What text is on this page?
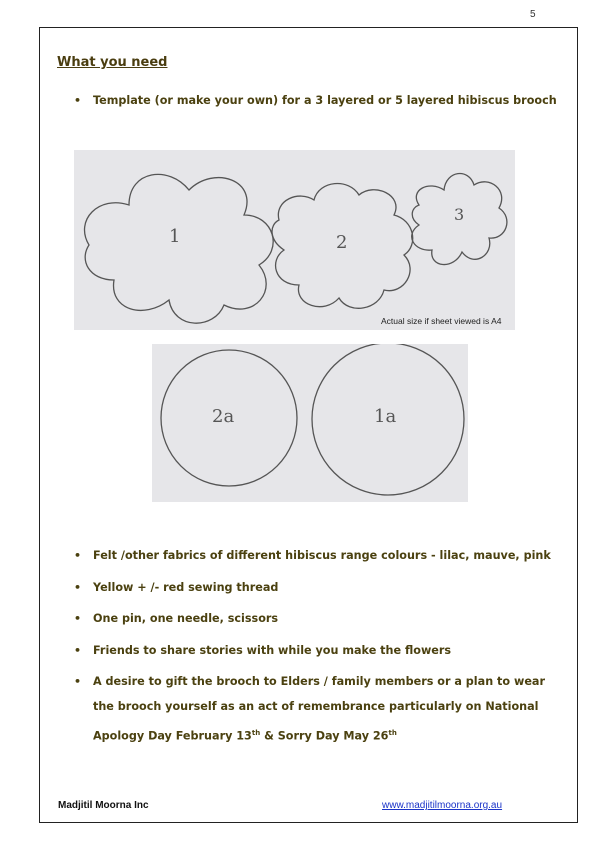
5
What you need
• Template (or make your own) for a 3 layered or 5 layered hibiscus brooch
1	2
3
Actual size if sheet viewed is A4
2a	1a
• Felt /other fabrics of different hibiscus range colours - lilac, mauve, pink
• Yellow + /- red sewing thread
• One pin, one needle, scissors
• Friends to share stories with while you make the flowers
• A desire to gift the brooch to Elders / family members or a plan to wear
the brooch yourself as an act of remembrance particularly on National
Apology Day February 13th & Sorry Day May 26th
Madjitil Moorna Inc	www.madjitilmoorna.org.au
